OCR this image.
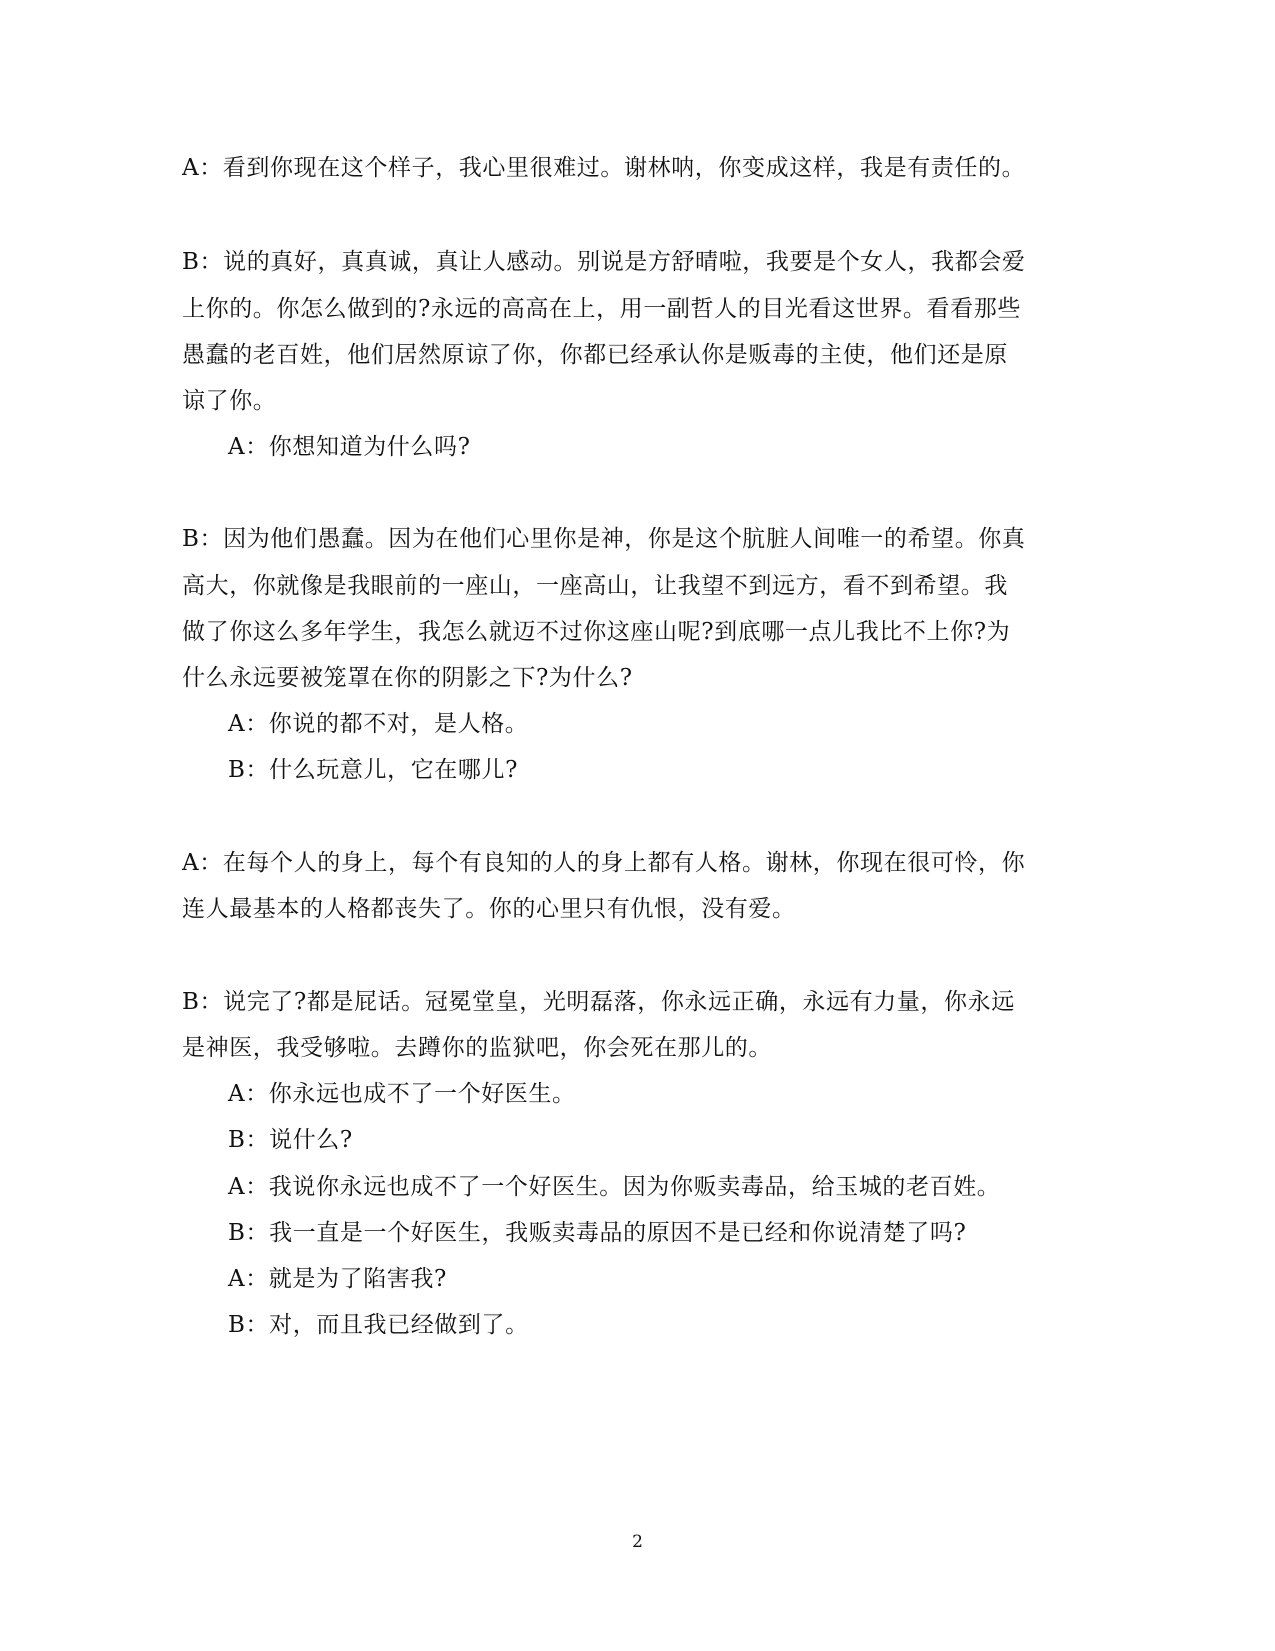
A：看到你现在这个样子，我心里很难过。谢林呐，你变成这样，我是有责任的。
B：说的真好，真真诚，真让人感动。别说是方舒晴啦，我要是个女人，我都会爱
上你的。你怎么做到的?永远的高高在上，用一副哲人的目光看这世界。看看那些
愚蠢的老百姓，他们居然原谅了你，你都已经承认你是贩毒的主使，他们还是原
谅了你。
A：你想知道为什么吗?
B：因为他们愚蠢。因为在他们心里你是神，你是这个肮脏人间唯一的希望。你真
高大，你就像是我眼前的一座山，一座高山，让我望不到远方，看不到希望。我
做了你这么多年学生，我怎么就迈不过你这座山呢?到底哪一点儿我比不上你?为
什么永远要被笼罩在你的阴影之下?为什么?
A：你说的都不对，是人格。
B：什么玩意儿，它在哪儿?
A：在每个人的身上，每个有良知的人的身上都有人格。谢林，你现在很可怜，你
连人最基本的人格都丧失了。你的心里只有仇恨，没有爱。
B：说完了?都是屁话。冠冕堂皇，光明磊落，你永远正确，永远有力量，你永远
是神医，我受够啦。去蹲你的监狱吧，你会死在那儿的。
A：你永远也成不了一个好医生。
B：说什么?
A：我说你永远也成不了一个好医生。因为你贩卖毒品，给玉城的老百姓。
B：我一直是一个好医生，我贩卖毒品的原因不是已经和你说清楚了吗?
A：就是为了陷害我?
B：对，而且我已经做到了。
2
